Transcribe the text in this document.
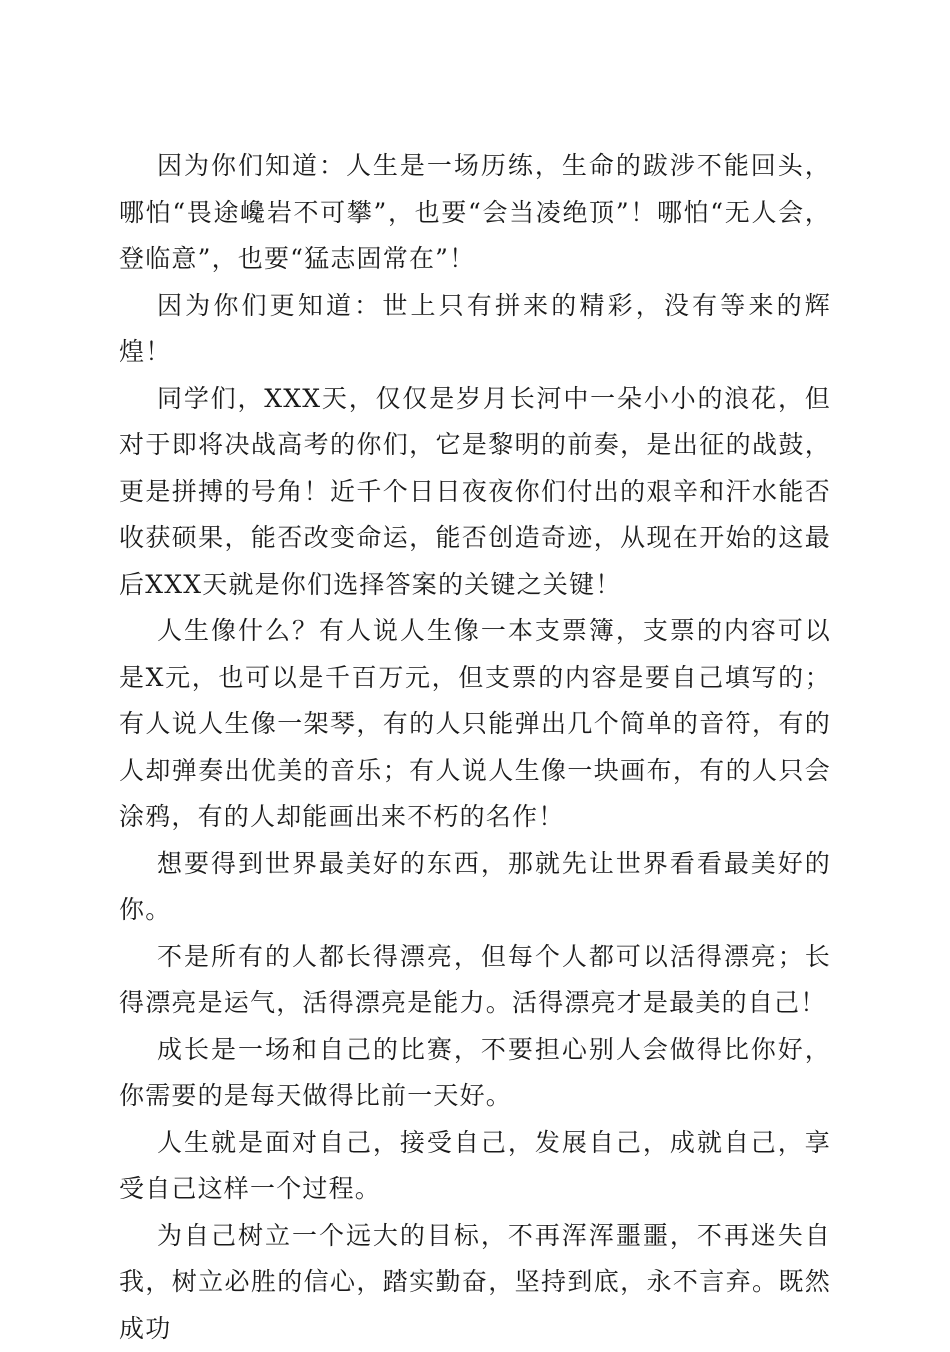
因为你们知道：人生是一场历练，生命的跋涉不能回头，哪怕“畏途巉岩不可攀”，也要“会当凌绝顶”！哪怕“无人会，登临意”，也要“猛志固常在”！

因为你们更知道：世上只有拼来的精彩，没有等来的辉煌！

同学们，XXX天，仅仅是岁月长河中一朵小小的浪花，但对于即将决战高考的你们，它是黎明的前奏，是出征的战鼓，更是拼搏的号角！近千个日日夜夜你们付出的艰辛和汗水能否收获硕果，能否改变命运，能否创造奇迹，从现在开始的这最后XXX天就是你们选择答案的关键之关键！

人生像什么？有人说人生像一本支票簿，支票的内容可以是X元，也可以是千百万元，但支票的内容是要自己填写的；有人说人生像一架琴，有的人只能弹出几个简单的音符，有的人却弹奏出优美的音乐；有人说人生像一块画布，有的人只会涂鸦，有的人却能画出来不朽的名作！

想要得到世界最美好的东西，那就先让世界看看最美好的你。

不是所有的人都长得漂亮，但每个人都可以活得漂亮；长得漂亮是运气，活得漂亮是能力。活得漂亮才是最美的自己！

成长是一场和自己的比赛，不要担心别人会做得比你好，你需要的是每天做得比前一天好。

人生就是面对自己，接受自己，发展自己，成就自己，享受自己这样一个过程。

为自己树立一个远大的目标，不再浑浑噩噩，不再迷失自我，树立必胜的信心，踏实勤奋，坚持到底，永不言弃。既然成功
